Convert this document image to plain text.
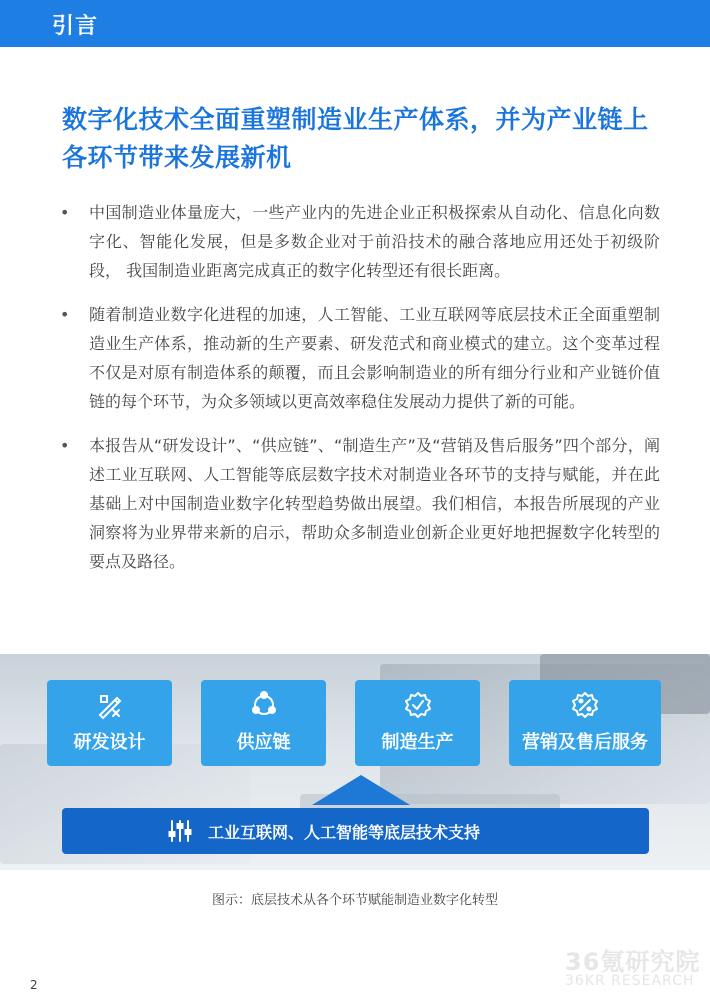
引言
数字化技术全面重塑制造业生产体系，并为产业链上各环节带来发展新机
• 中国制造业体量庞大，一些产业内的先进企业正积极探索从自动化、信息化向数字化、智能化发展，但是多数企业对于前沿技术的融合落地应用还处于初级阶段， 我国制造业距离完成真正的数字化转型还有很长距离。
• 随着制造业数字化进程的加速，人工智能、工业互联网等底层技术正全面重塑制造业生产体系，推动新的生产要素、研发范式和商业模式的建立。这个变革过程不仅是对原有制造体系的颠覆，而且会影响制造业的所有细分行业和产业链价值链的每个环节，为众多领域以更高效率稳住发展动力提供了新的可能。
• 本报告从“研发设计”、“供应链”、“制造生产”及“营销及售后服务”四个部分，阐述工业互联网、人工智能等底层数字技术对制造业各环节的支持与赋能，并在此基础上对中国制造业数字化转型趋势做出展望。我们相信，本报告所展现的产业洞察将为业界带来新的启示，帮助众多制造业创新企业更好地把握数字化转型的要点及路径。
研发设计	供应链	制造生产	营销及售后服务
工业互联网、人工智能等底层技术支持

图示：底层技术从各个环节赋能制造业数字化转型

36氪研究院
36KR RESEARCH
2
